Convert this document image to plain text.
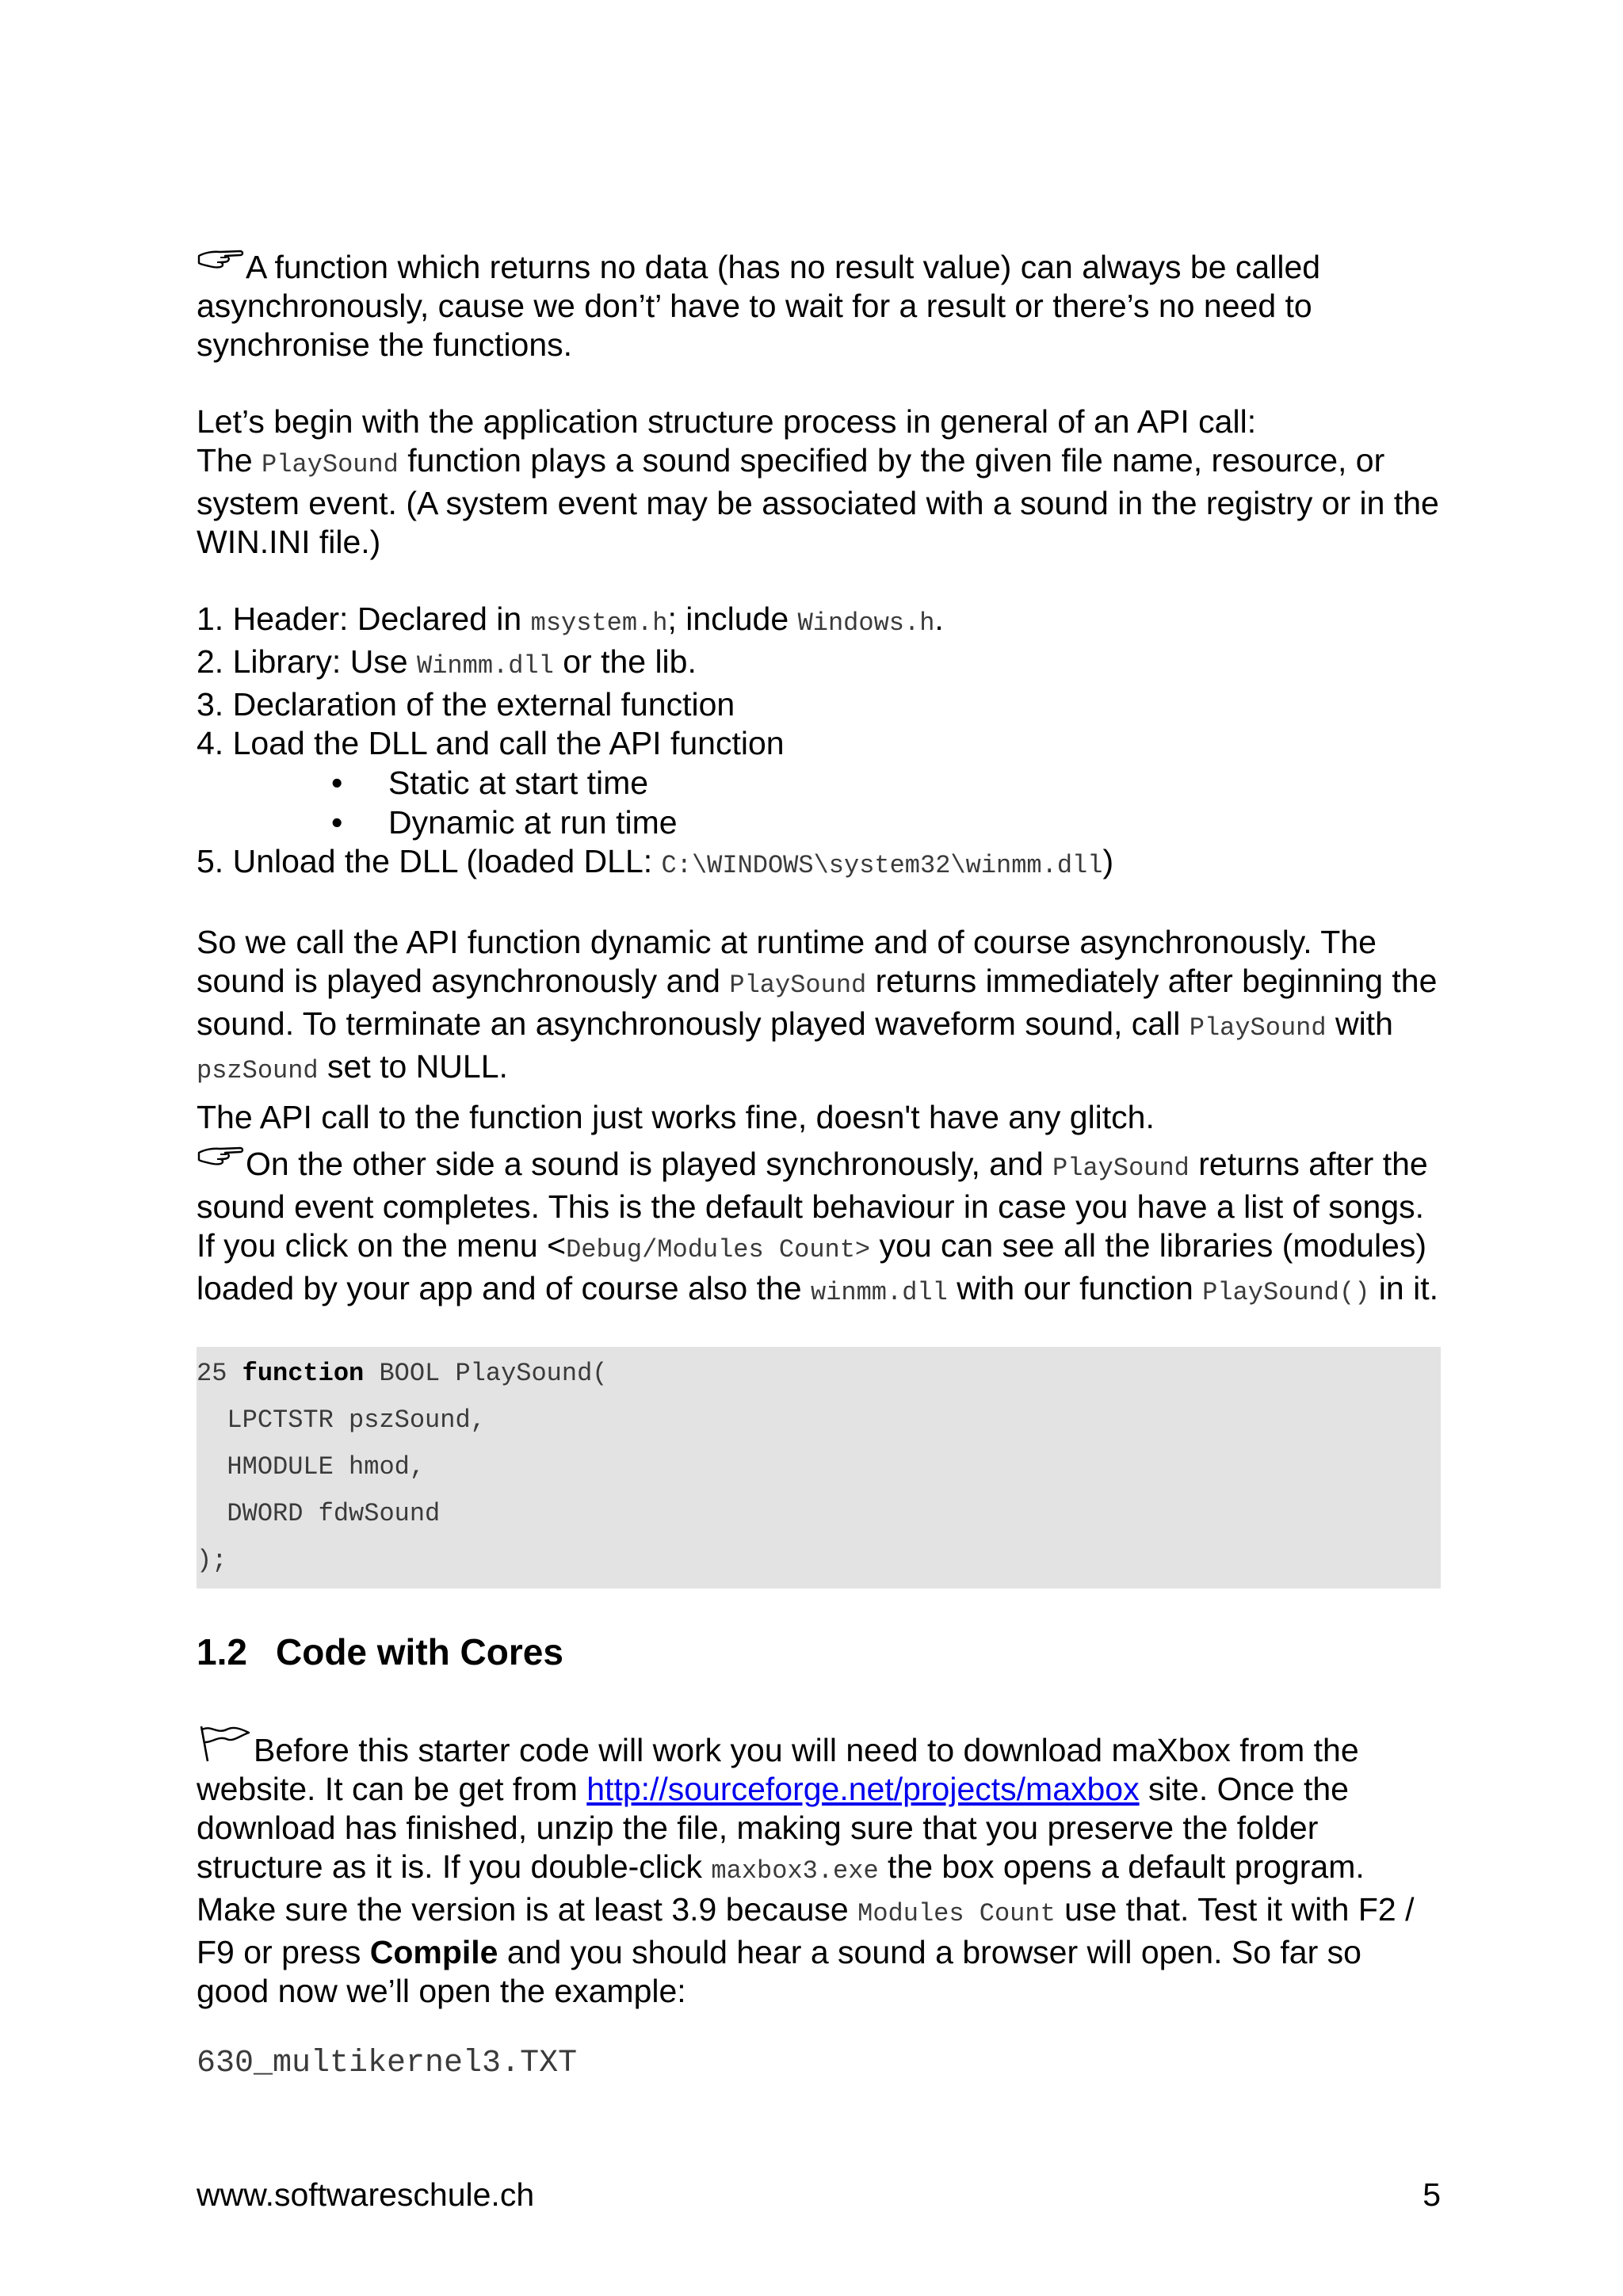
A function which returns no data (has no result value) can always be called asynchronously, cause we don’t’ have to wait for a result or there’s no need to synchronise the functions.

Let’s begin with the application structure process in general of an API call:
The PlaySound function plays a sound specified by the given file name, resource, or system event. (A system event may be associated with a sound in the registry or in the WIN.INI file.)

1. Header: Declared in msystem.h; include Windows.h.
2. Library: Use Winmm.dll or the lib.
3. Declaration of the external function
4. Load the DLL and call the API function
• Static at start time
• Dynamic at run time
5. Unload the DLL (loaded DLL: C:\WINDOWS\system32\winmm.dll)

So we call the API function dynamic at runtime and of course asynchronously. The sound is played asynchronously and PlaySound returns immediately after beginning the sound. To terminate an asynchronously played waveform sound, call PlaySound with pszSound set to NULL.

The API call to the function just works fine, doesn't have any glitch.

On the other side a sound is played synchronously, and PlaySound returns after the sound event completes. This is the default behaviour in case you have a list of songs.
If you click on the menu <Debug/Modules Count> you can see all the libraries (modules) loaded by your app and of course also the winmm.dll with our function PlaySound() in it.

25 function BOOL PlaySound(
LPCTSTR pszSound,
HMODULE hmod,
DWORD fdwSound
);
1.2 Code with Cores

Before this starter code will work you will need to download maXbox from the website. It can be get from http://sourceforge.net/projects/maxbox site. Once the download has finished, unzip the file, making sure that you preserve the folder structure as it is. If you double-click maxbox3.exe the box opens a default program. Make sure the version is at least 3.9 because Modules Count use that. Test it with F2 / F9 or press Compile and you should hear a sound a browser will open. So far so good now we’ll open the example:

630_multikernel3.TXT
www.softwareschule.ch	5
